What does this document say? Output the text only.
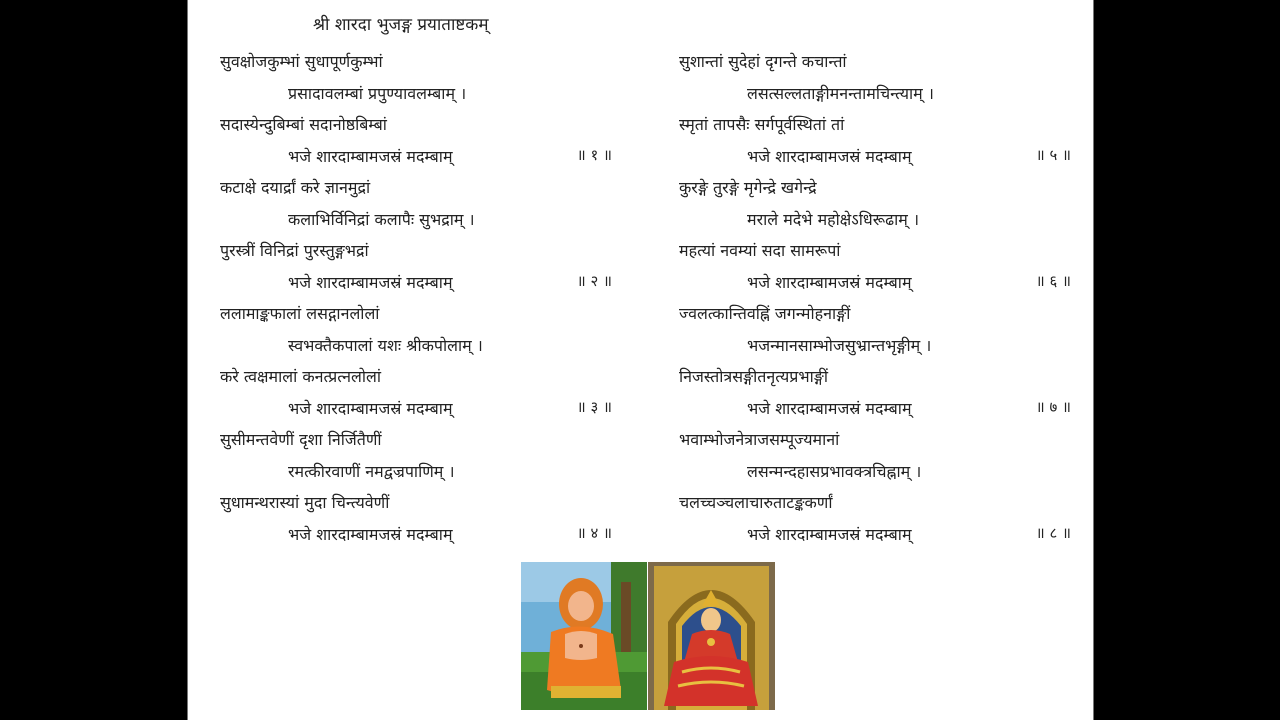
श्री शारदा भुजङ्ग प्रयाताष्टकम्
सुवक्षोजकुम्भां सुधापूर्णकुम्भां
प्रसादावलम्बां प्रपुण्यावलम्बाम् ।
सदास्येन्दुबिम्बां सदानोष्ठबिम्बां
भजे शारदाम्बामजस्रं मदम्बाम्	॥ १ ॥
कटाक्षे दयार्द्रां करे ज्ञानमुद्रां
कलाभिर्विनिद्रां कलापैः सुभद्राम् ।
पुरस्त्रीं विनिद्रां पुरस्तुङ्गभद्रां
भजे शारदाम्बामजस्रं मदम्बाम्	॥ २ ॥
ललामाङ्कफालां लसद्गानलोलां
स्वभक्तैकपालां यशः श्रीकपोलाम् ।
करे त्वक्षमालां कनत्प्रत्नलोलां
भजे शारदाम्बामजस्रं मदम्बाम्	॥ ३ ॥
सुसीमन्तवेणीं दृशा निर्जितैणीं
रमत्कीरवाणीं नमद्वज्रपाणिम् ।
सुधामन्थरास्यां मुदा चिन्त्यवेणीं
भजे शारदाम्बामजस्रं मदम्बाम्	॥ ४ ॥
सुशान्तां सुदेहां दृगन्ते कचान्तां
लसत्सल्लताङ्गीमनन्तामचिन्त्याम् ।
स्मृतां तापसैः सर्गपूर्वस्थितां तां
भजे शारदाम्बामजस्रं मदम्बाम्	॥ ५ ॥
कुरङ्गे तुरङ्गे मृगेन्द्रे खगेन्द्रे
मराले मदेभे महोक्षेऽधिरूढाम् ।
महत्यां नवम्यां सदा सामरूपां
भजे शारदाम्बामजस्रं मदम्बाम्	॥ ६ ॥
ज्वलत्कान्तिवह्निं जगन्मोहनाङ्गीं
भजन्मानसाम्भोजसुभ्रान्तभृङ्गीम् ।
निजस्तोत्रसङ्गीतनृत्यप्रभाङ्गीं
भजे शारदाम्बामजस्रं मदम्बाम्	॥ ७ ॥
भवाम्भोजनेत्राजसम्पूज्यमानां
लसन्मन्दहासप्रभावक्त्रचिह्नाम् ।
चलच्चञ्चलाचारुताटङ्ककर्णां
भजे शारदाम्बामजस्रं मदम्बाम्	॥ ८ ॥
